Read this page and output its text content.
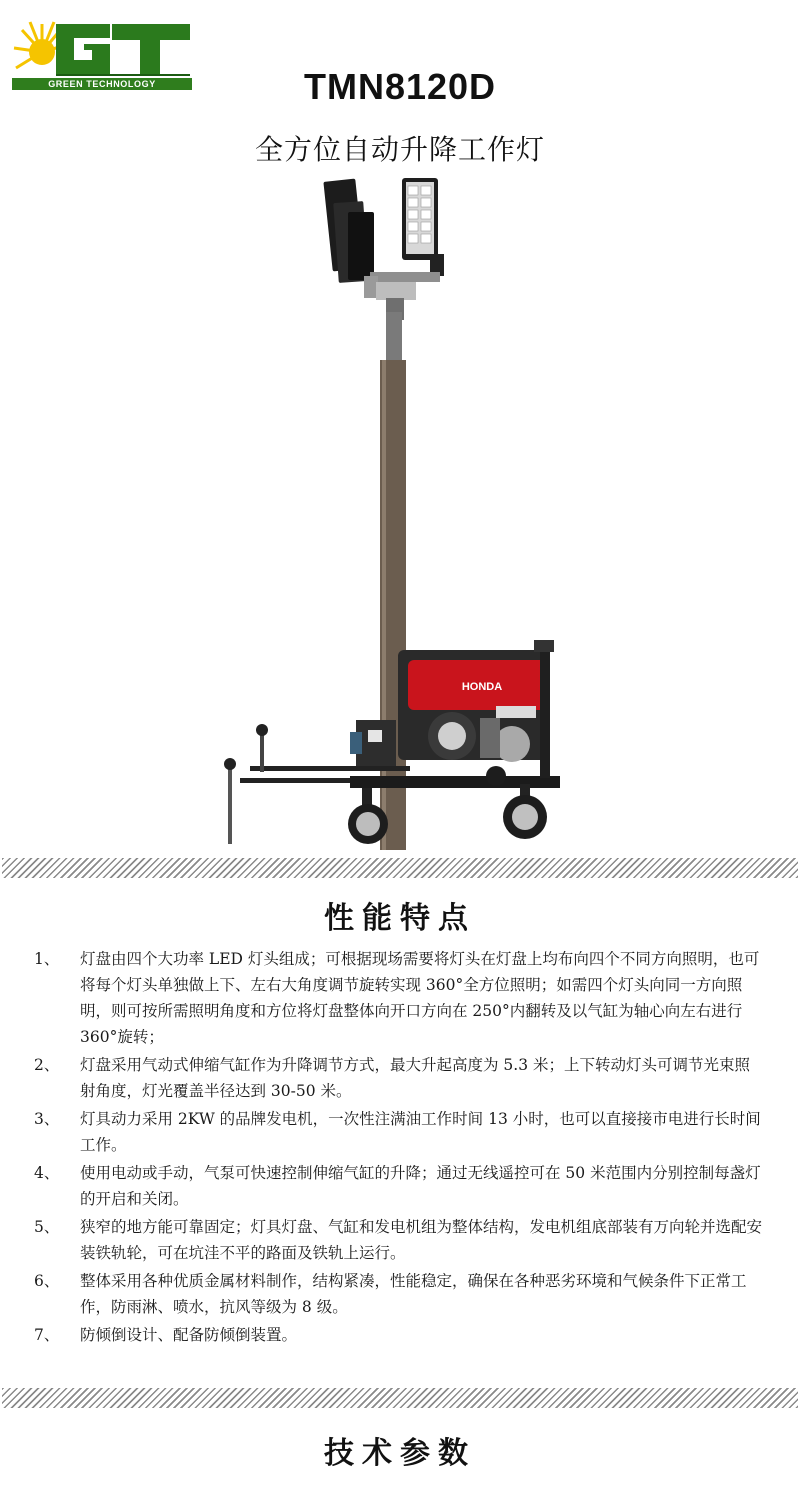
GREEN TECHNOLOGY	TMN8120D
全方位自动升降工作灯
HONDA
性能特点
1、 灯盘由四个大功率 LED 灯头组成；可根据现场需要将灯头在灯盘上均布向四个不同方向照明，也可将每个灯头单独做上下、左右大角度调节旋转实现 360°全方位照明；如需四个灯头向同一方向照明，则可按所需照明角度和方位将灯盘整体向开口方向在 250°内翻转及以气缸为轴心向左右进行 360°旋转；
2、 灯盘采用气动式伸缩气缸作为升降调节方式，最大升起高度为 5.3 米；上下转动灯头可调节光束照射角度，灯光覆盖半径达到 30-50 米。
3、 灯具动力采用 2KW 的品牌发电机，一次性注满油工作时间 13 小时，也可以直接接市电进行长时间工作。
4、 使用电动或手动，气泵可快速控制伸缩气缸的升降；通过无线遥控可在 50 米范围内分别控制每盏灯的开启和关闭。
5、 狭窄的地方能可靠固定；灯具灯盘、气缸和发电机组为整体结构，发电机组底部装有万向轮并选配安装铁轨轮，可在坑洼不平的路面及铁轨上运行。
6、 整体采用各种优质金属材料制作，结构紧凑，性能稳定，确保在各种恶劣环境和气候条件下正常工作，防雨淋、喷水，抗风等级为 8 级。
7、 防倾倒设计、配备防倾倒装置。
技术参数
